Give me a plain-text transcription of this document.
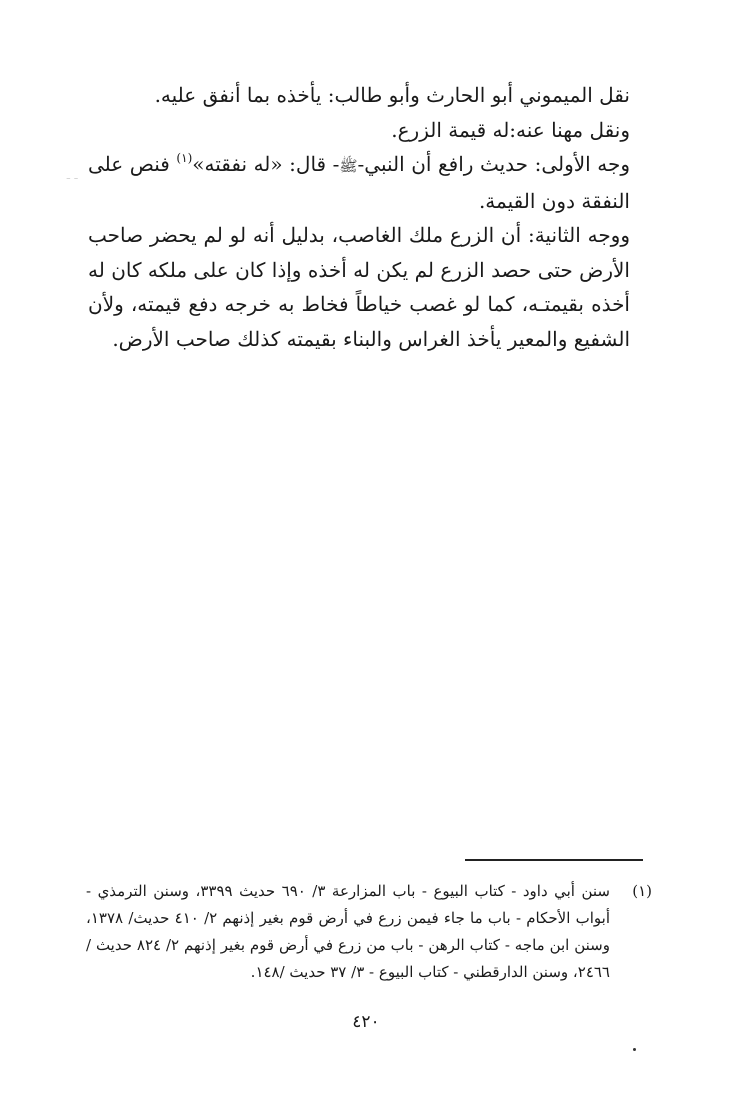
⁻ ⁻

نقل الميموني أبو الحارث وأبو طالب: يأخذه بما أنفق عليه.

ونقل مهنا عنه:له قيمة الزرع.

وجه الأولى: حديث رافع أن النبي-ﷺ- قال: «له نفقته»$^{(١)}$ فنص على النفقة دون القيمة.

ووجه الثانية: أن الزرع ملك الغاصب، بدليل أنه لو لم يحضر صاحب الأرض حتى حصد الزرع لم يكن له أخذه وإذا كان على ملكه كان له أخذه بقيمتـه، كما لو غصب خياطاً فخاط به خرجه دفع قيمته، ولأن الشفيع والمعير يأخذ الغراس والبناء بقيمته كذلك صاحب الأرض.

(١)
سنن أبي داود - كتاب البيوع - باب المزارعة ٣/ ٦٩٠ حديث ٣٣٩٩، وسنن الترمذي - أبواب الأحكام - باب ما جاء فيمن زرع في أرض قوم بغير إذنهم ٢/ ٤١٠ حديث/ ١٣٧٨، وسنن ابن ماجه - كتاب الرهن - باب من زرع في أرض قوم بغير إذنهم ٢/ ٨٢٤ حديث /٢٤٦٦، وسنن الدارقطني - كتاب البيوع - ٣/ ٣٧ حديث /١٤٨.
٤٢٠
